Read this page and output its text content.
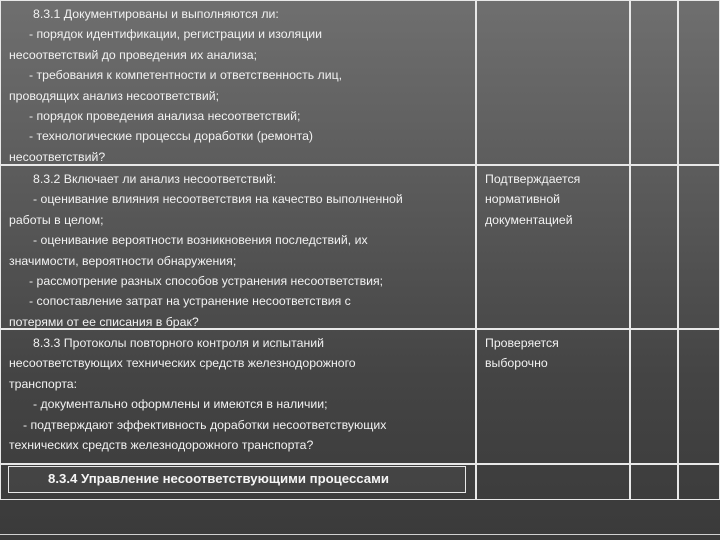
8.3.1 Документированы и выполняются ли:

- порядок идентификации, регистрации и изоляции

несоответствий до проведения их анализа;

- требования к компетентности и ответственность лиц,

проводящих анализ несоответствий;

- порядок проведения анализа несоответствий;

- технологические процессы доработки (ремонта)

несоответствий?

8.3.2 Включает ли анализ несоответствий:

- оценивание влияния несоответствия на качество выполненной

работы в целом;

- оценивание вероятности возникновения последствий, их

значимости, вероятности обнаружения;

- рассмотрение разных способов устранения несоответствия;

- сопоставление затрат на устранение несоответствия с

потерями от ее списания в брак?

Подтверждается

нормативной

документацией

8.3.3 Протоколы повторного контроля и испытаний

несоответствующих технических средств железнодорожного

транспорта:

- документально оформлены и имеются в наличии;

- подтверждают эффективность доработки несоответствующих

технических средств железнодорожного транспорта?

Проверяется

выборочно

8.3.4 Управление несоответствующими процессами
